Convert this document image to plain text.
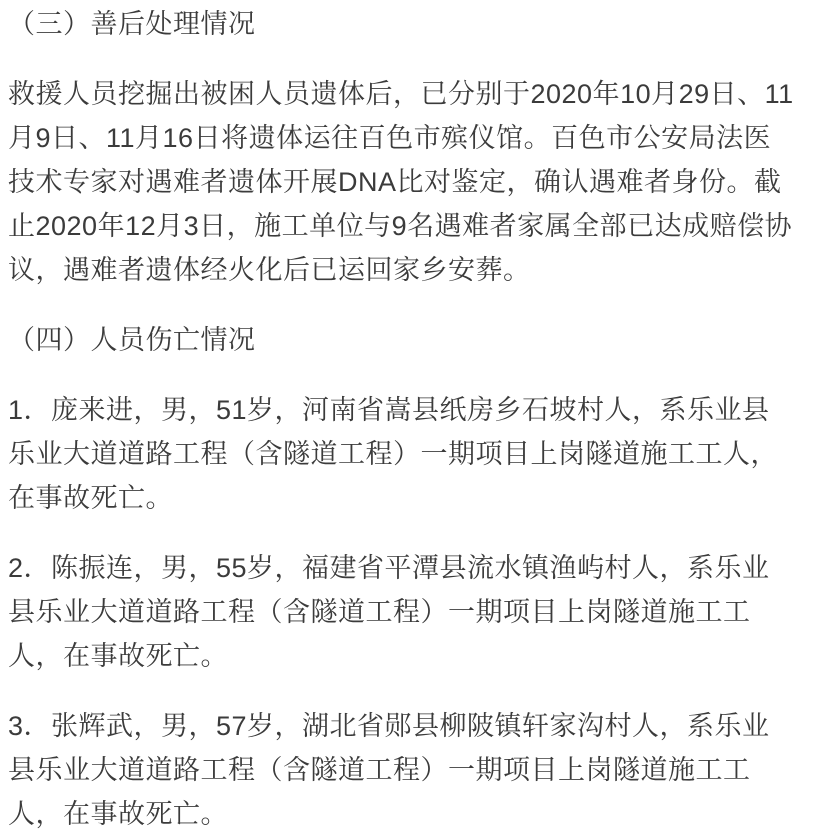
（三）善后处理情况
救援人员挖掘出被困人员遗体后，已分别于2020年10月29日、11月9日、11月16日将遗体运往百色市殡仪馆。百色市公安局法医技术专家对遇难者遗体开展DNA比对鉴定，确认遇难者身份。截止2020年12月3日，施工单位与9名遇难者家属全部已达成赔偿协议，遇难者遗体经火化后已运回家乡安葬。
（四）人员伤亡情况
1．庞来进，男，51岁，河南省嵩县纸房乡石坡村人，系乐业县乐业大道道路工程（含隧道工程）一期项目上岗隧道施工工人，在事故死亡。
2．陈振连，男，55岁，福建省平潭县流水镇渔屿村人，系乐业县乐业大道道路工程（含隧道工程）一期项目上岗隧道施工工人，在事故死亡。
3．张辉武，男，57岁，湖北省郧县柳陂镇轩家沟村人，系乐业县乐业大道道路工程（含隧道工程）一期项目上岗隧道施工工人，在事故死亡。
